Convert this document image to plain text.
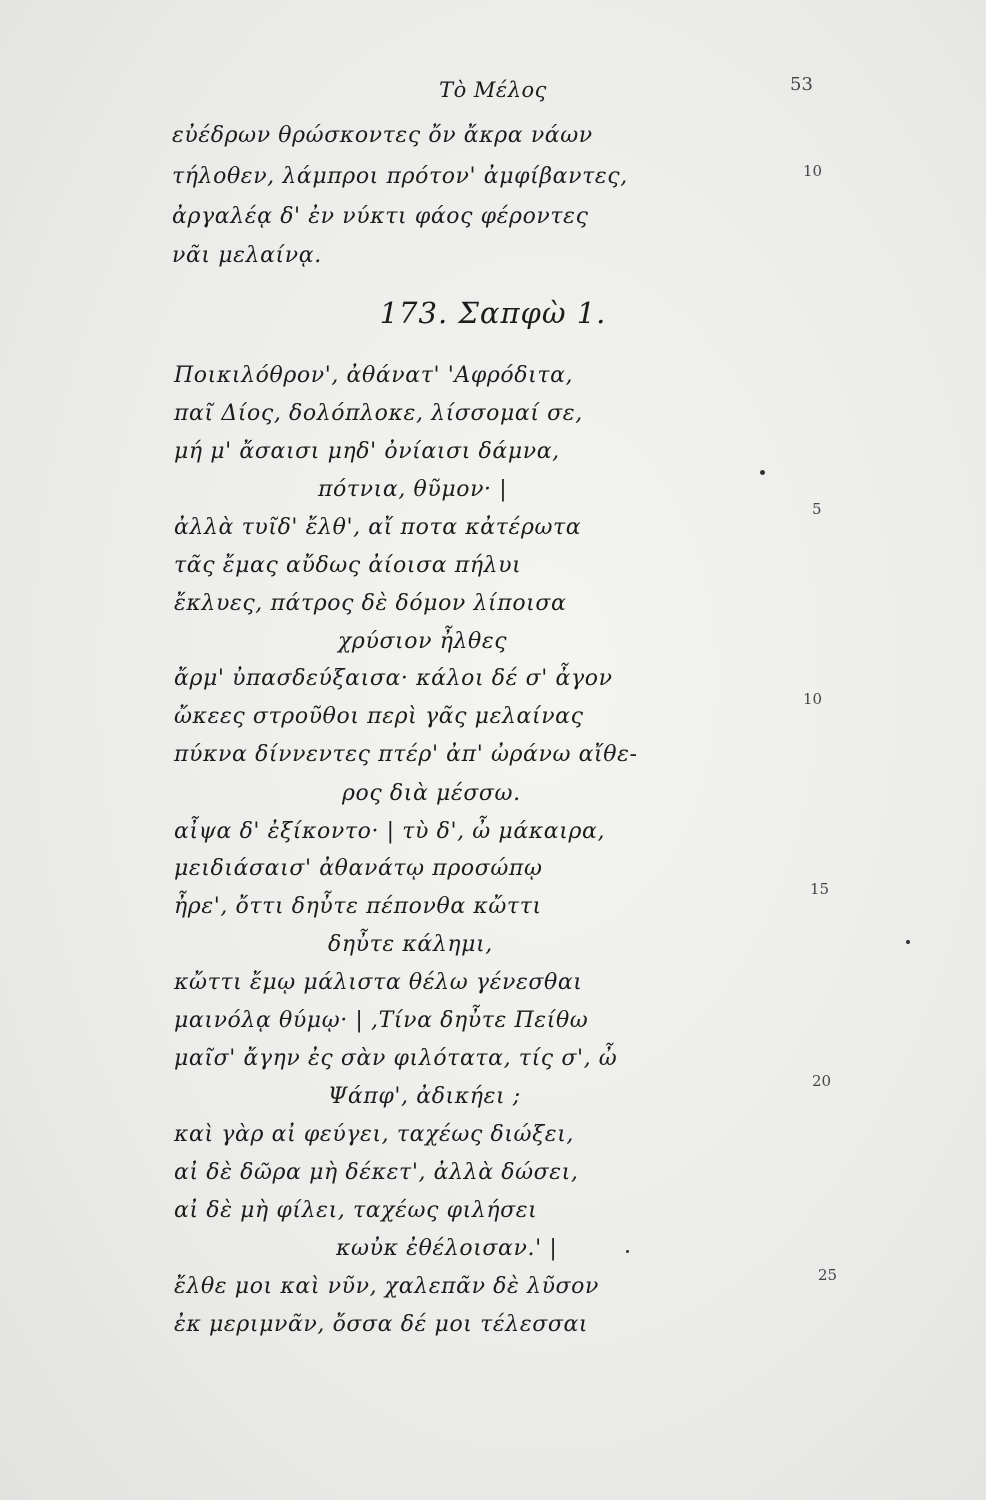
Τὸ Μέλος	53
εὐέδρων θρώσκοντες ὄν ἄκρα νάων
τήλοθεν, λάμπροι πρότον' ἀμφίβαντες,
ἀργαλέᾳ δ' ἐν νύκτι φάος φέροντες
νᾶι μελαίνᾳ.
10
173. Σαπφὼ 1.
Ποικιλόθρον', ἀθάνατ' 'Αφρόδιτα,
παῖ Δίος, δολόπλοκε, λίσσομαί σε,
μή μ' ἄσαισι μηδ' ὀνίαισι δάμνα,
πότνια, θῦμον· |
ἀλλὰ τυῖδ' ἔλθ', αἴ ποτα κἀτέρωτα
τᾶς ἔμας αὔδως ἀίοισα πήλυι
ἔκλυες, πάτρος δὲ δόμον λίποισα
χρύσιον ἦλθες
ἄρμ' ὐπασδεύξαισα· κάλοι δέ σ' ἆγον
ὤκεες στροῦθοι περὶ γᾶς μελαίνας
πύκνα δίννεντες πτέρ' ἀπ' ὠράνω αἴθε-
ρος διὰ μέσσω.
αἶψα δ' ἐξίκοντο· | τὺ δ', ὦ μάκαιρα,
μειδιάσαισ' ἀθανάτῳ προσώπῳ
ἦρε', ὄττι δηὖτε πέπονθα κὤττι
δηὖτε κάλημι,
κὤττι ἔμῳ μάλιστα θέλω γένεσθαι
μαινόλᾳ θύμῳ· | ,Τίνα δηὖτε Πείθω
μαῖσ' ἄγην ἐς σὰν φιλότατα, τίς σ', ὦ
Ψάπφ', ἀδικήει ;
καὶ γὰρ αἰ φεύγει, ταχέως διώξει,
αἰ δὲ δῶρα μὴ δέκετ', ἀλλὰ δώσει,
αἰ δὲ μὴ φίλει, ταχέως φιλήσει
κωὐκ ἐθέλοισαν.' |
ἔλθε μοι καὶ νῦν, χαλεπᾶν δὲ λῦσον
ἐκ μεριμνᾶν, ὄσσα δέ μοι τέλεσσαι
5
10
15
20
25
